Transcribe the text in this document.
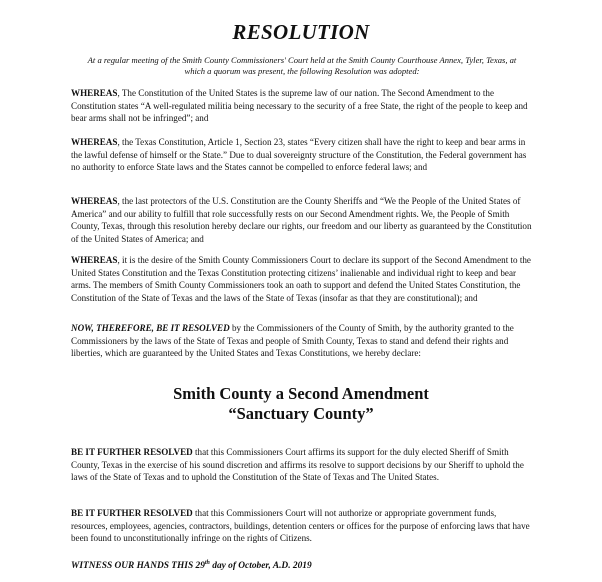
RESOLUTION
At a regular meeting of the Smith County Commissioners' Court held at the Smith County Courthouse Annex, Tyler, Texas, at which a quorum was present, the following Resolution was adopted:

WHEREAS, The Constitution of the United States is the supreme law of our nation. The Second Amendment to the Constitution states “A well-regulated militia being necessary to the security of a free State, the right of the people to keep and bear arms shall not be infringed”; and

WHEREAS, the Texas Constitution, Article 1, Section 23, states “Every citizen shall have the right to keep and bear arms in the lawful defense of himself or the State.” Due to dual sovereignty structure of the Constitution, the Federal government has no authority to enforce State laws and the States cannot be compelled to enforce federal laws; and

WHEREAS, the last protectors of the U.S. Constitution are the County Sheriffs and “We the People of the United States of America” and our ability to fulfill that role successfully rests on our Second Amendment rights. We, the People of Smith County, Texas, through this resolution hereby declare our rights, our freedom and our liberty as guaranteed by the Constitution of the United States of America; and

WHEREAS, it is the desire of the Smith County Commissioners Court to declare its support of the Second Amendment to the United States Constitution and the Texas Constitution protecting citizens’ inalienable and individual right to keep and bear arms. The members of Smith County Commissioners took an oath to support and defend the United States Constitution, the Constitution of the State of Texas and the laws of the State of Texas (insofar as that they are constitutional); and

NOW, THEREFORE, BE IT RESOLVED by the Commissioners of the County of Smith, by the authority granted to the Commissioners by the laws of the State of Texas and people of Smith County, Texas to stand and defend their rights and liberties, which are guaranteed by the United States and Texas Constitutions, we hereby declare:

Smith County a Second Amendment
“Sanctuary County”

BE IT FURTHER RESOLVED that this Commissioners Court affirms its support for the duly elected Sheriff of Smith County, Texas in the exercise of his sound discretion and affirms its resolve to support decisions by our Sheriff to uphold the laws of the State of Texas and to uphold the Constitution of the State of Texas and The United States.

BE IT FURTHER RESOLVED that this Commissioners Court will not authorize or appropriate government funds, resources, employees, agencies, contractors, buildings, detention centers or offices for the purpose of enforcing laws that have been found to unconstitutionally infringe on the rights of Citizens.

WITNESS OUR HANDS THIS 29th day of October, A.D. 2019
